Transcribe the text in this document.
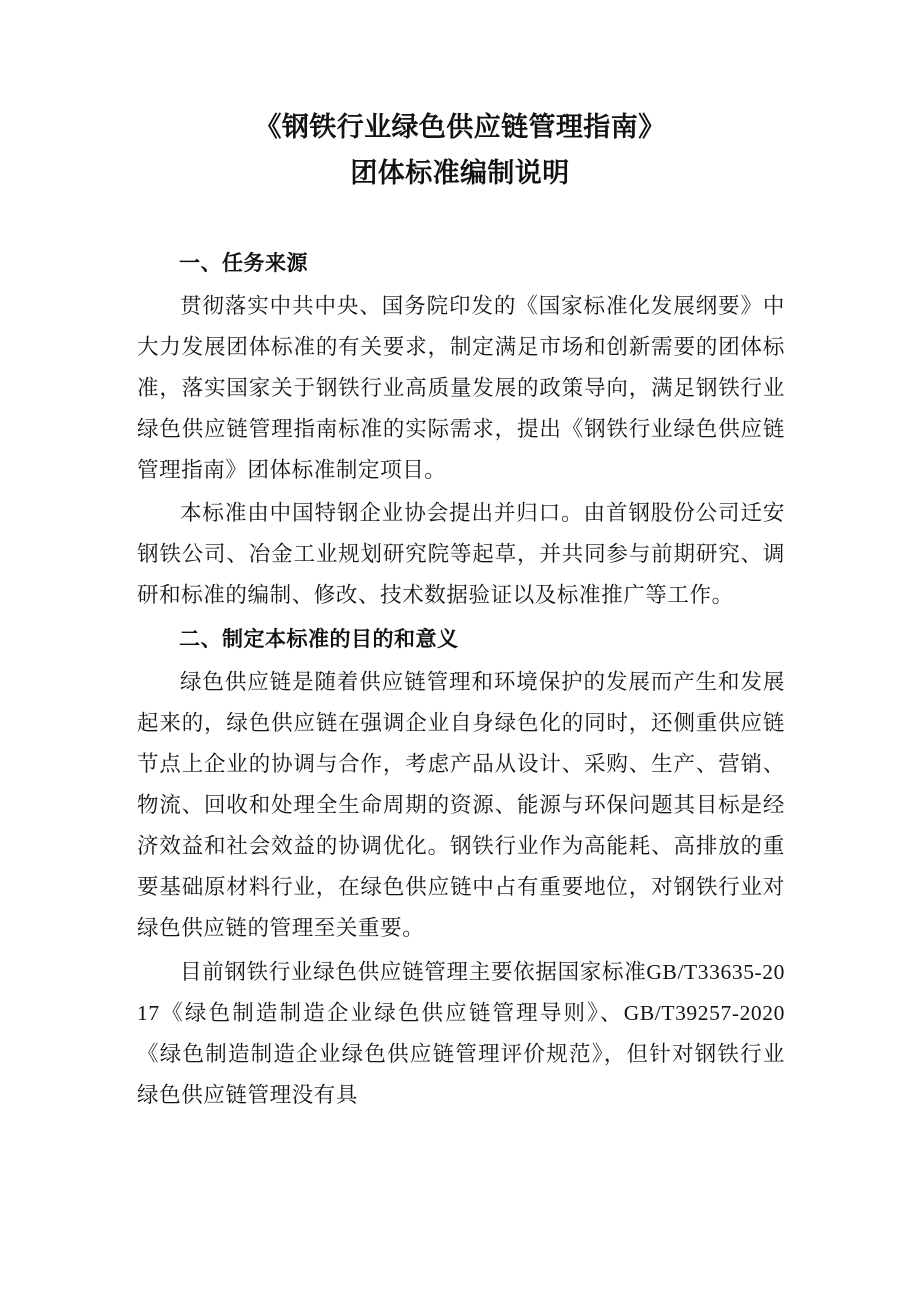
《钢铁行业绿色供应链管理指南》
团体标准编制说明
一、任务来源

贯彻落实中共中央、国务院印发的《国家标准化发展纲要》中大力发展团体标准的有关要求，制定满足市场和创新需要的团体标准，落实国家关于钢铁行业高质量发展的政策导向，满足钢铁行业绿色供应链管理指南标准的实际需求，提出《钢铁行业绿色供应链管理指南》团体标准制定项目。

本标准由中国特钢企业协会提出并归口。由首钢股份公司迁安钢铁公司、冶金工业规划研究院等起草，并共同参与前期研究、调研和标准的编制、修改、技术数据验证以及标准推广等工作。

二、制定本标准的目的和意义

绿色供应链是随着供应链管理和环境保护的发展而产生和发展起来的，绿色供应链在强调企业自身绿色化的同时，还侧重供应链节点上企业的协调与合作，考虑产品从设计、采购、生产、营销、物流、回收和处理全生命周期的资源、能源与环保问题其目标是经济效益和社会效益的协调优化。钢铁行业作为高能耗、高排放的重要基础原材料行业，在绿色供应链中占有重要地位，对钢铁行业对绿色供应链的管理至关重要。

目前钢铁行业绿色供应链管理主要依据国家标准GB/T33635-2017《绿色制造制造企业绿色供应链管理导则》、GB/T39257-2020《绿色制造制造企业绿色供应链管理评价规范》，但针对钢铁行业绿色供应链管理没有具
